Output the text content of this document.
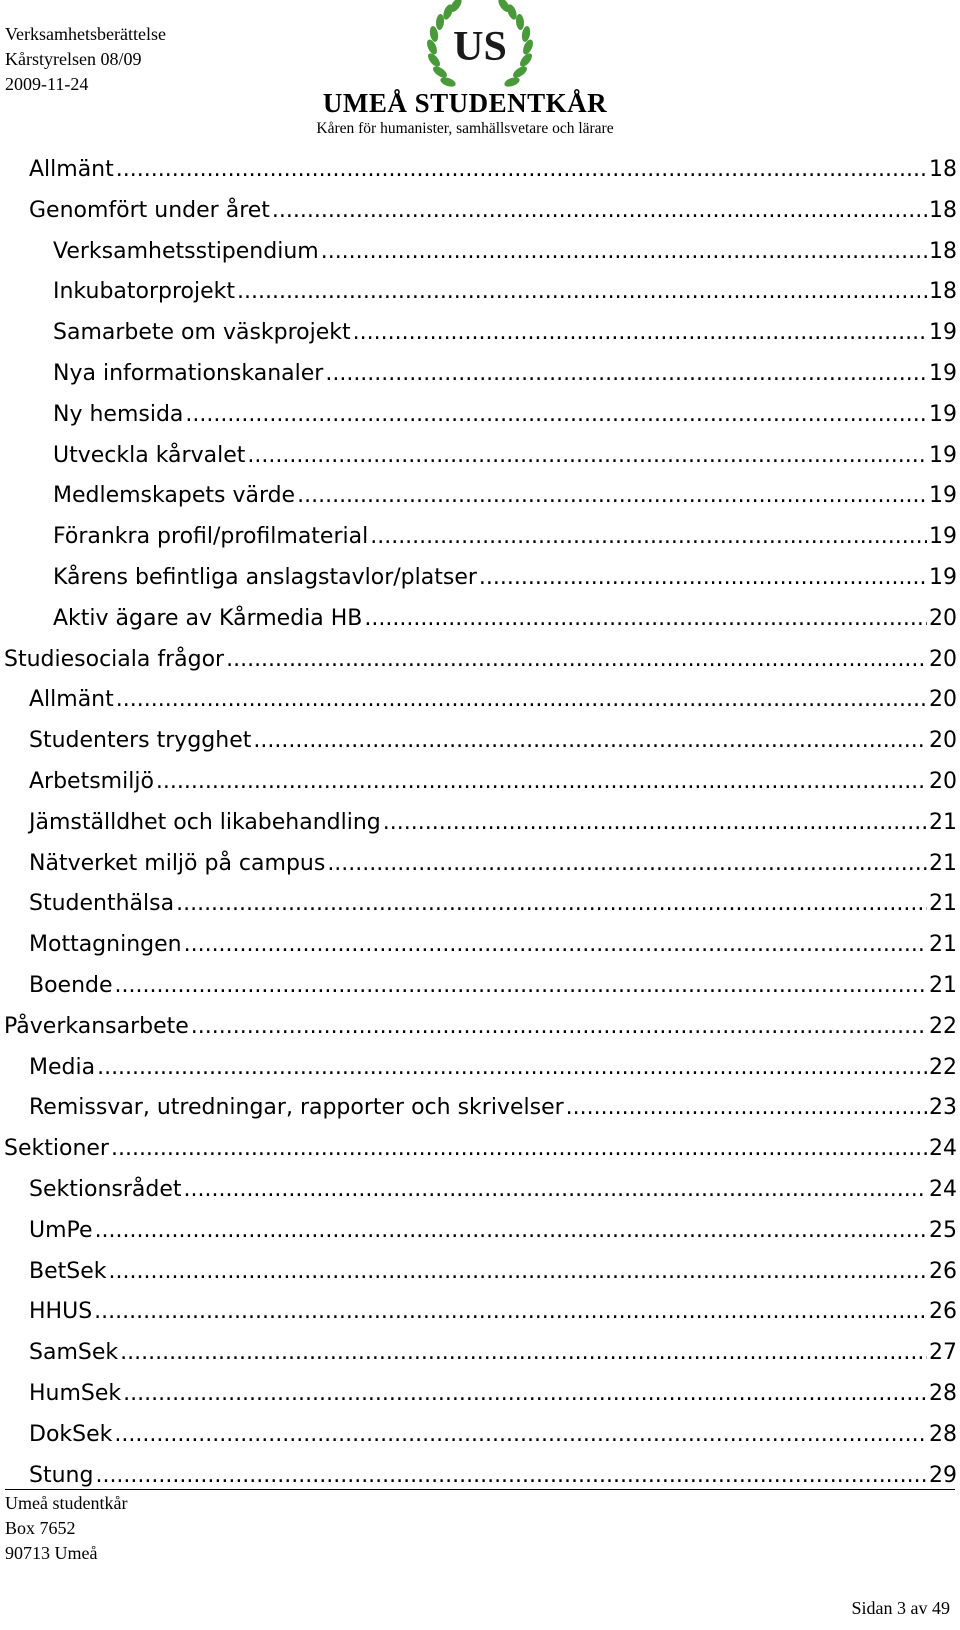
Verksamhetsberättelse
Kårstyrelsen 08/09
2009-11-24
US
UMEÅ STUDENTKÅR
Kåren för humanister, samhällsvetare och lärare
Allmänt .....	18
Genomfört under året .....	18
Verksamhetsstipendium .....	18
Inkubatorprojekt .....	18
Samarbete om väskprojekt .....	19
Nya informationskanaler .....	19
Ny hemsida .....	19
Utveckla kårvalet .....	19
Medlemskapets värde .....	19
Förankra profil/profilmaterial .....	19
Kårens befintliga anslagstavlor/platser .....	19
Aktiv ägare av Kårmedia HB .....	20
Studiesociala frågor .....	20
Allmänt .....	20
Studenters trygghet .....	20
Arbetsmiljö .....	20
Jämställdhet och likabehandling .....	21
Nätverket miljö på campus .....	21
Studenthälsa .....	21
Mottagningen .....	21
Boende .....	21
Påverkansarbete .....	22
Media .....	22
Remissvar, utredningar, rapporter och skrivelser .....	23
Sektioner .....	24
Sektionsrådet .....	24
UmPe .....	25
BetSek .....	26
HHUS .....	26
SamSek .....	27
HumSek .....	28
DokSek .....	28
Stung .....	29
Umeå studentkår
Box 7652
90713 Umeå
Sidan 3 av 49
